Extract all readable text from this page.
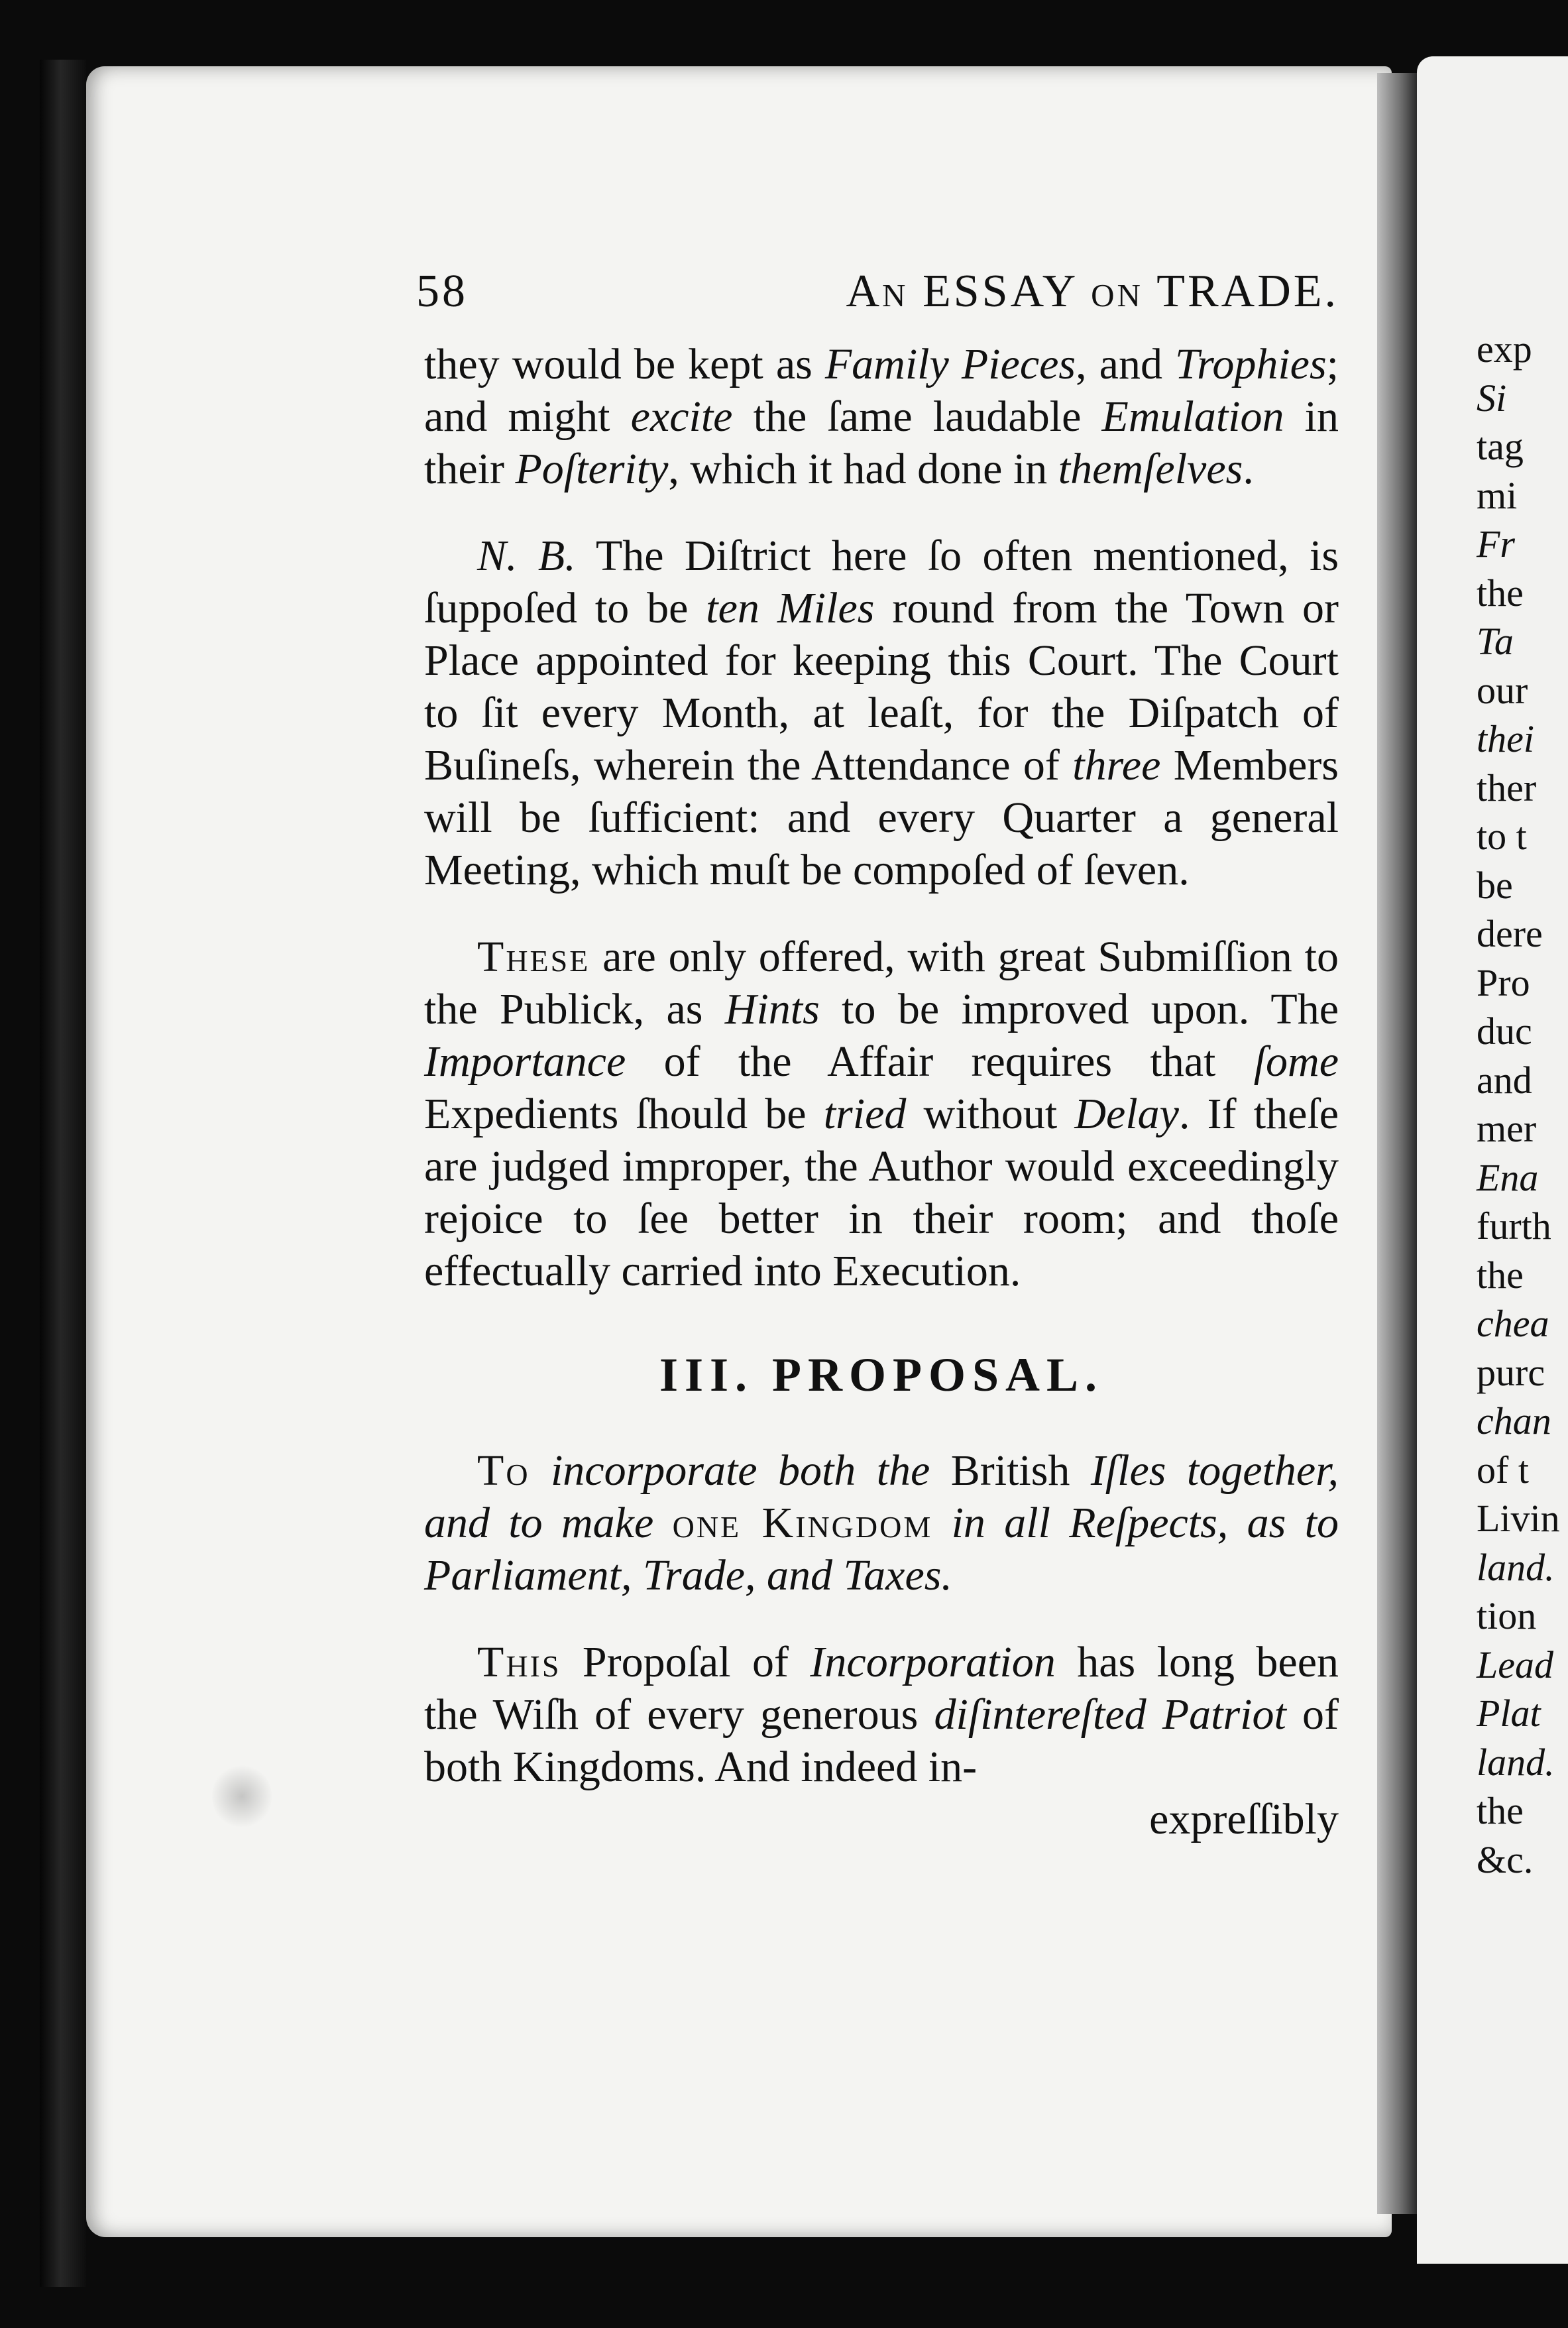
exp
Si
tag
mi
Fr
the
Ta
our
thei
ther
to t
be
dere
Pro
duc
and
mer
Ena
furth
the
chea
purc
chan
of t
Livin
land.
tion
Lead
Plat
land.
the
&c.
58	An ESSAY on TRADE.
they would be kept as Family Pieces, and Trophies; and might excite the ſame laudable Emulation in their Poſterity, which it had done in themſelves.
N. B. The Diſtrict here ſo often mentioned, is ſuppoſed to be ten Miles round from the Town or Place appointed for keeping this Court. The Court to ſit every Month, at leaſt, for the Diſpatch of Buſineſs, wherein the Attendance of three Members will be ſufficient: and every Quarter a general Meeting, which muſt be compoſed of ſeven.
These are only offered, with great Submiſſion to the Publick, as Hints to be improved upon. The Importance of the Affair requires that ſome Expedients ſhould be tried without Delay. If theſe are judged improper, the Author would exceedingly rejoice to ſee better in their room; and thoſe effectually carried into Execution.
III. PROPOSAL.
To incorporate both the British Iſles together, and to make one Kingdom in all Reſpects, as to Parliament, Trade, and Taxes.
This Propoſal of Incorporation has long been the Wiſh of every generous diſintereſted Patriot of both Kingdoms. And indeed in-
expreſſibly
